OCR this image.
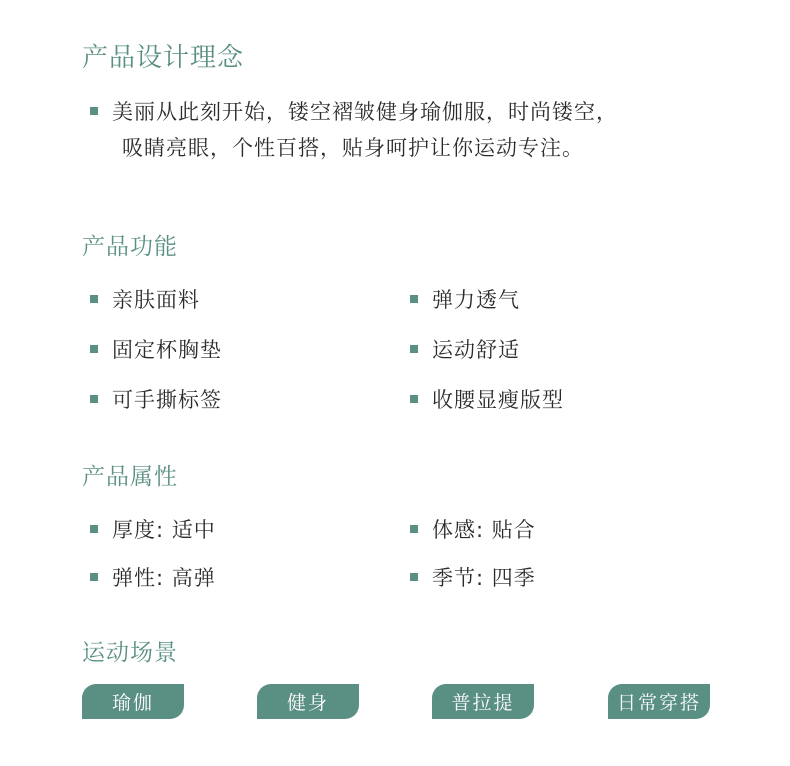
产品设计理念
美丽从此刻开始，镂空褶皱健身瑜伽服，时尚镂空，
吸睛亮眼，个性百搭，贴身呵护让你运动专注。
产品功能
亲肤面料	弹力透气
固定杯胸垫	运动舒适
可手撕标签	收腰显瘦版型
产品属性
厚度: 适中	体感: 贴合
弹性: 高弹	季节: 四季
运动场景
瑜伽	健身	普拉提	日常穿搭
